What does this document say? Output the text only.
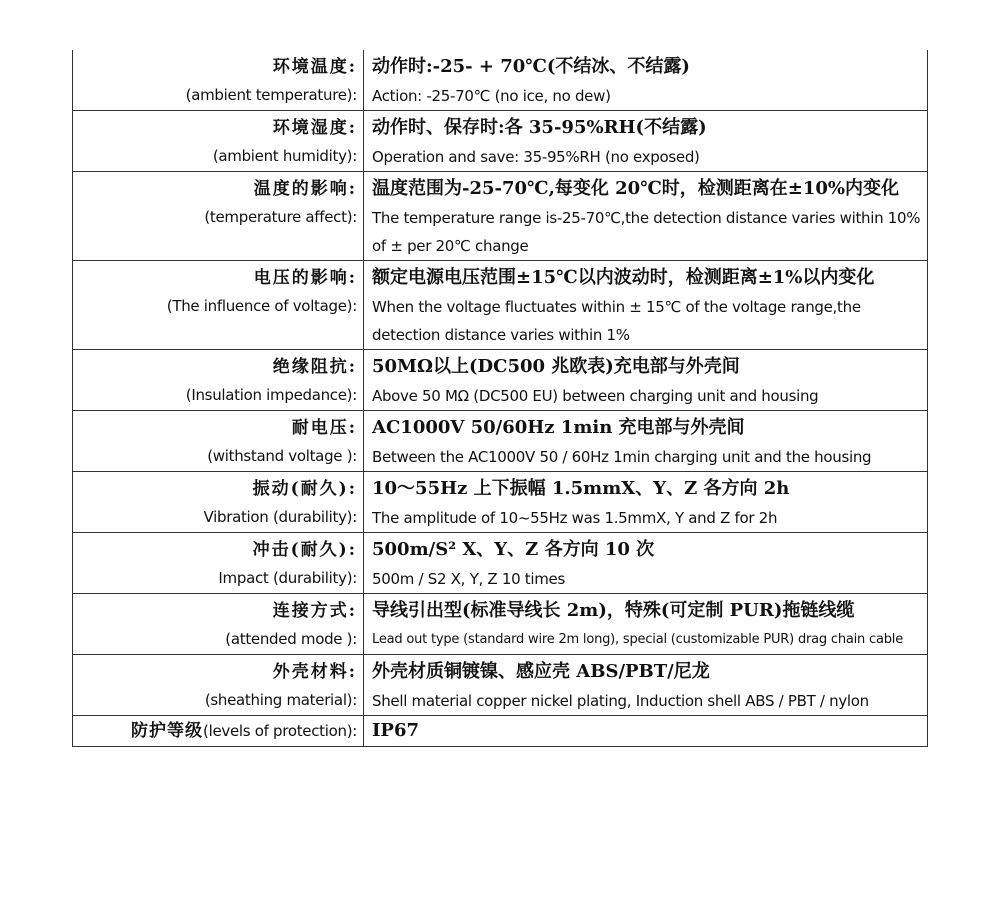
环境温度:
(ambient temperature):	动作时:-25- + 70℃(不结冰、不结露)
Action: -25-70℃ (no ice, no dew)

环境湿度:
(ambient humidity):	动作时、保存时:各 35-95%RH(不结露)
Operation and save: 35-95%RH (no exposed)

温度的影响:
(temperature affect):	温度范围为-25-70℃,每变化 20℃时，检测距离在±10%内变化
The temperature range is-25-70℃,the detection distance varies within 10% of ± per 20℃ change

电压的影响:
(The influence of voltage):	额定电源电压范围±15℃以内波动时，检测距离±1%以内变化
When the voltage fluctuates within ± 15℃ of the voltage range,the detection distance varies within 1%

绝缘阻抗:
(Insulation impedance):	50MΩ以上(DC500 兆欧表)充电部与外壳间
Above 50 MΩ (DC500 EU) between charging unit and housing

耐电压:
(withstand voltage ):	AC1000V 50/60Hz 1min 充电部与外壳间
Between the AC1000V 50 / 60Hz 1min charging unit and the housing

振动(耐久):
Vibration (durability):	10～55Hz 上下振幅 1.5mmX、Y、Z 各方向 2h
The amplitude of 10~55Hz was 1.5mmX, Y and Z for 2h

冲击(耐久):
Impact (durability):	500m/S² X、Y、Z 各方向 10 次
500m / S2 X, Y, Z 10 times

连接方式:
(attended mode ):	导线引出型(标准导线长 2m)，特殊(可定制 PUR)拖链线缆
Lead out type (standard wire 2m long), special (customizable PUR) drag chain cable

外壳材料:
(sheathing material):	外壳材质铜镀镍、感应壳 ABS/PBT/尼龙
Shell material copper nickel plating, Induction shell ABS / PBT / nylon

防护等级(levels of protection):	IP67
